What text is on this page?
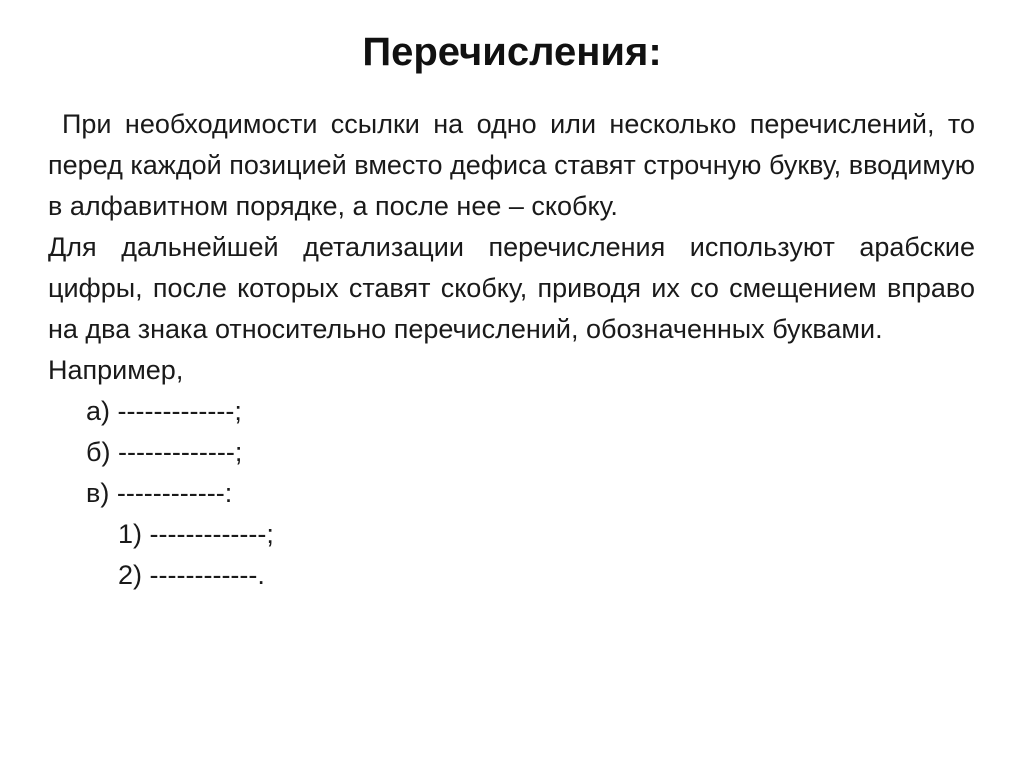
Перечисления:

При необходимости ссылки на одно или несколько перечислений, то перед каждой позицией вместо дефиса ставят строчную букву, вводимую в алфавитном порядке, а после нее – скобку.

Для дальнейшей детализации перечисления используют арабские цифры, после которых ставят скобку, приводя их со смещением вправо на два знака относительно перечислений, обозначенных буквами.

Например,

а) -------------;

б) -------------;

в) ------------:

1) -------------;

2) ------------.
